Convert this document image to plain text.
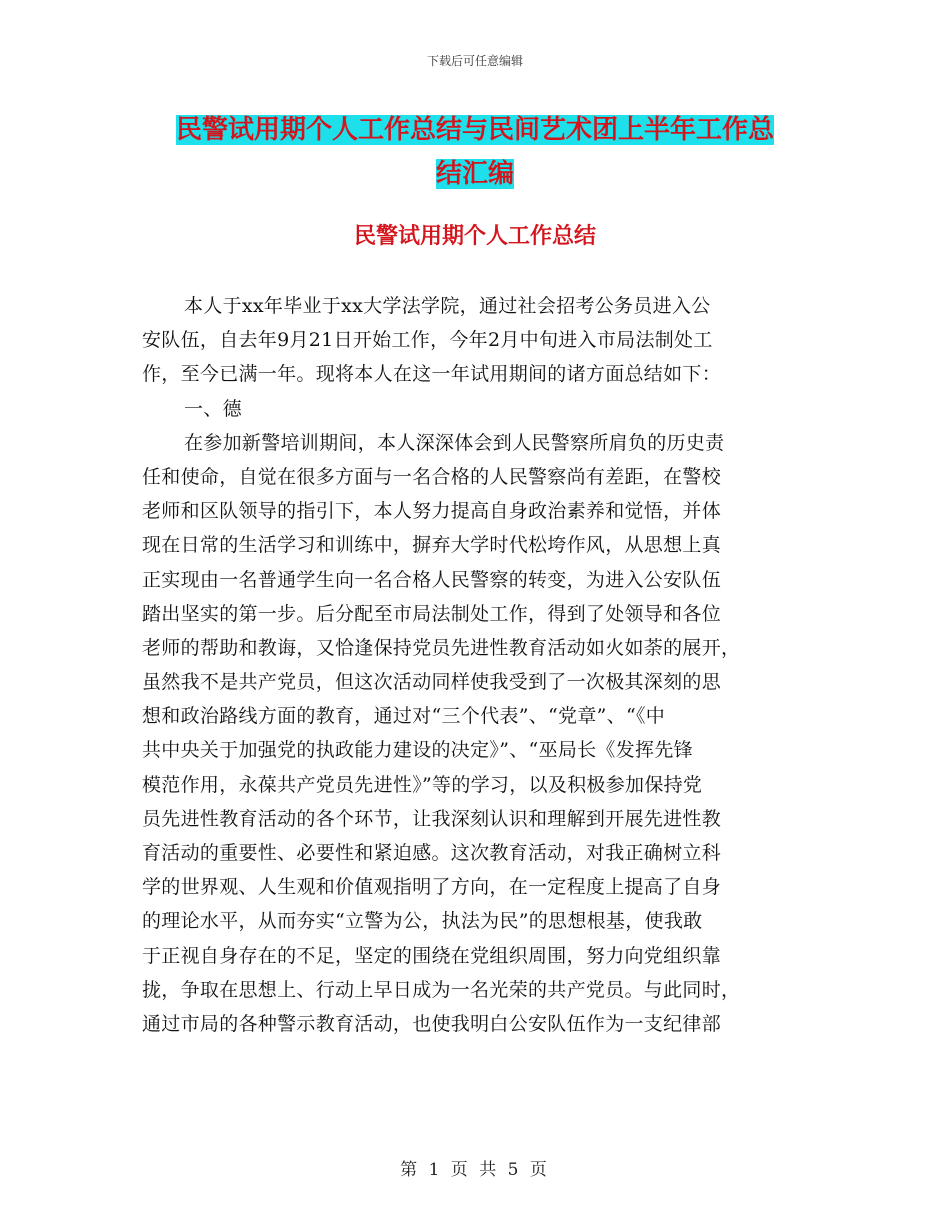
下载后可任意编辑
民警试用期个人工作总结与民间艺术团上半年工作总
结汇编
民警试用期个人工作总结
本人于xx年毕业于xx大学法学院，通过社会招考公务员进入公
安队伍，自去年9月21日开始工作，今年2月中旬进入市局法制处工
作，至今已满一年。现将本人在这一年试用期间的诸方面总结如下：
一、德
在参加新警培训期间，本人深深体会到人民警察所肩负的历史责
任和使命，自觉在很多方面与一名合格的人民警察尚有差距，在警校
老师和区队领导的指引下，本人努力提高自身政治素养和觉悟，并体
现在日常的生活学习和训练中，摒弃大学时代松垮作风，从思想上真
正实现由一名普通学生向一名合格人民警察的转变，为进入公安队伍
踏出坚实的第一步。后分配至市局法制处工作，得到了处领导和各位
老师的帮助和教诲，又恰逢保持党员先进性教育活动如火如荼的展开，
虽然我不是共产党员，但这次活动同样使我受到了一次极其深刻的思
想和政治路线方面的教育，通过对“三个代表”、“党章”、“《中
共中央关于加强党的执政能力建设的决定》”、“巫局长《发挥先锋
模范作用，永葆共产党员先进性》”等的学习，以及积极参加保持党
员先进性教育活动的各个环节，让我深刻认识和理解到开展先进性教
育活动的重要性、必要性和紧迫感。这次教育活动，对我正确树立科
学的世界观、人生观和价值观指明了方向，在一定程度上提高了自身
的理论水平，从而夯实“立警为公，执法为民”的思想根基，使我敢
于正视自身存在的不足，坚定的围绕在党组织周围，努力向党组织靠
拢，争取在思想上、行动上早日成为一名光荣的共产党员。与此同时，
通过市局的各种警示教育活动，也使我明白公安队伍作为一支纪律部
第 1 页 共 5 页
